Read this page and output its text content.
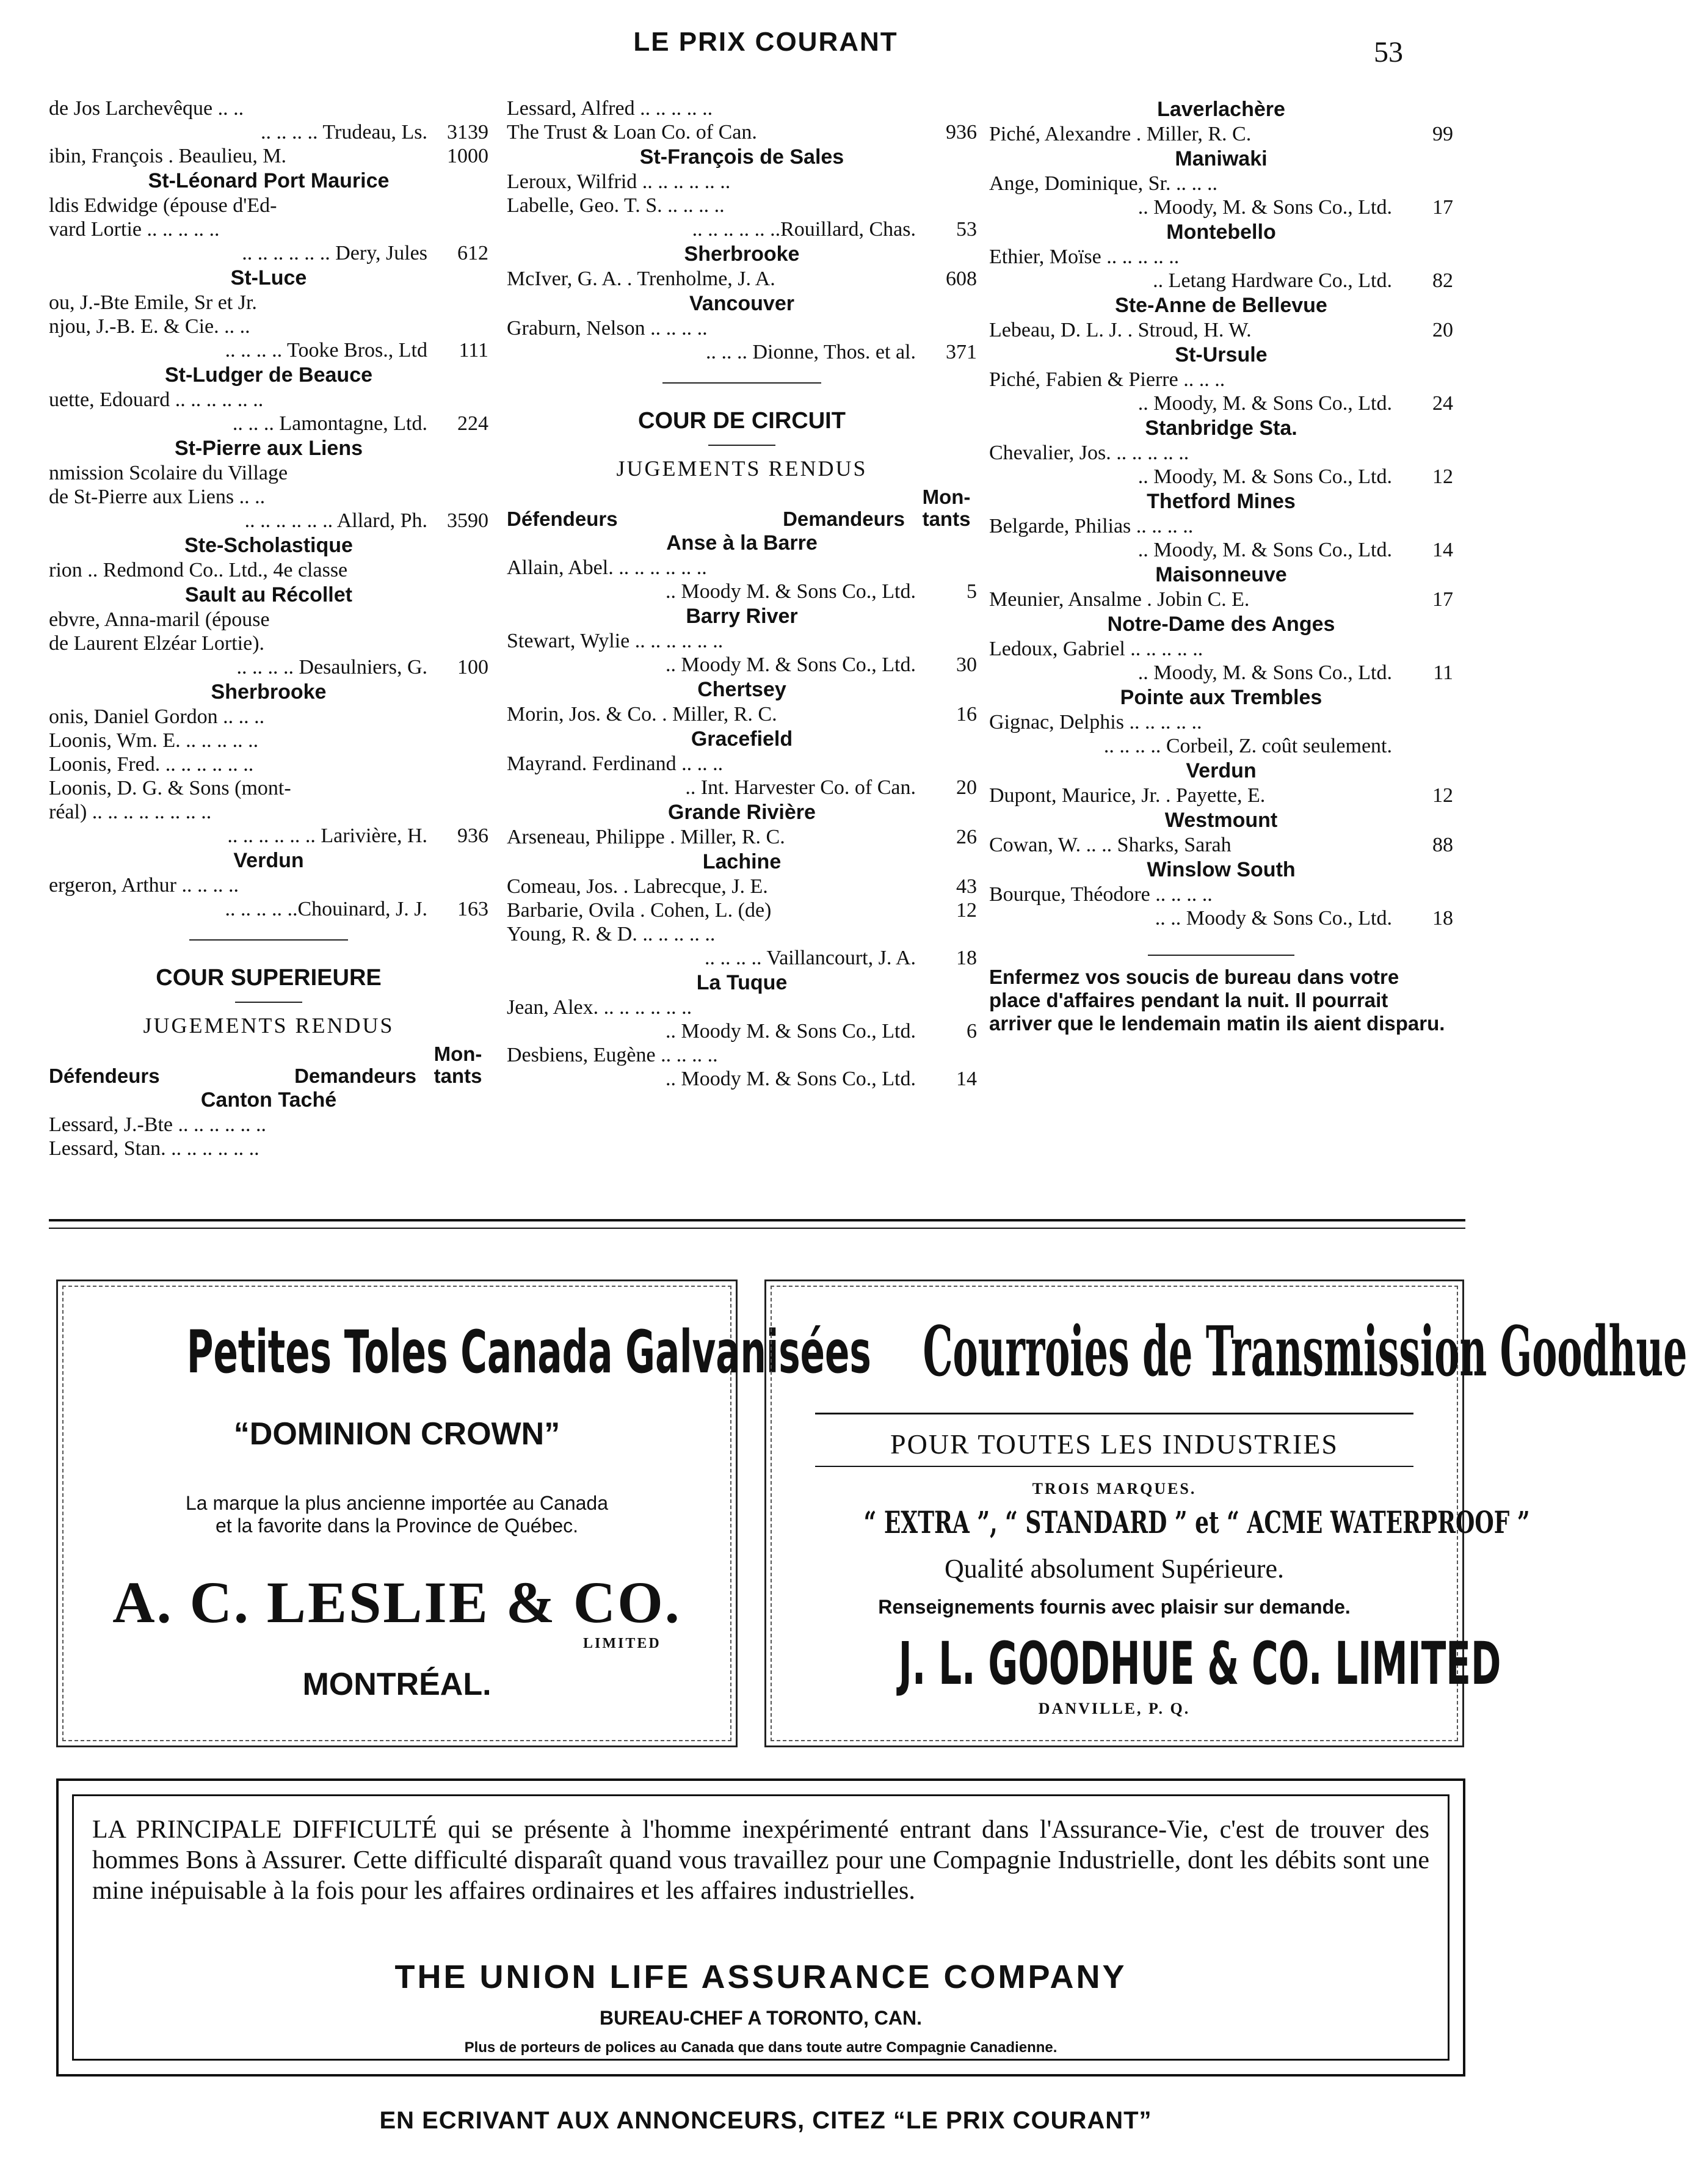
LE PRIX COURANT	53
de Jos Larchevêque .. ..
.. .. .. .. Trudeau, Ls. 3139
ibin, François . Beaulieu, M.	1000
St-Léonard Port Maurice
ldis Edwidge (épouse d'Ed-
vard Lortie .. .. .. .. ..
.. .. .. .. .. .. Dery, Jules	612
St-Luce
ou, J.-Bte Emile, Sr et Jr.
njou, J.-B. E. & Cie. .. ..
.. .. .. .. Tooke Bros., Ltd	111
St-Ludger de Beauce
uette, Edouard .. .. .. .. .. ..
.. .. .. Lamontagne, Ltd.	224
St-Pierre aux Liens
nmission Scolaire du Village
de St-Pierre aux Liens .. ..
.. .. .. .. .. .. Allard, Ph. 3590
Ste-Scholastique
rion .. Redmond Co.. Ltd., 4e classe
Sault au Récollet
ebvre, Anna-maril (épouse
de Laurent Elzéar Lortie).
.. .. .. .. Desaulniers, G.	100
Sherbrooke
onis, Daniel Gordon .. .. ..
Loonis, Wm. E. .. .. .. .. ..
Loonis, Fred. .. .. .. .. .. ..
Loonis, D. G. & Sons (mont-
réal) .. .. .. .. .. .. .. ..
.. .. .. .. .. .. Larivière, H.	936
Verdun
ergeron, Arthur .. .. .. ..
.. .. .. .. ..Chouinard, J. J.	163
COUR SUPERIEURE
JUGEMENTS RENDUS
Défendeurs	Demandeurs
Mon-
tants
Canton Taché
Lessard, J.-Bte .. .. .. .. .. ..
Lessard, Stan. .. .. .. .. .. ..
Lessard, Alfred .. .. .. .. ..
The Trust & Loan Co. of Can.	936
St-François de Sales
Leroux, Wilfrid .. .. .. .. .. ..
Labelle, Geo. T. S. .. .. .. ..
.. .. .. .. .. ..Rouillard, Chas.	53
Sherbrooke
McIver, G. A. . Trenholme, J. A.	608
Vancouver
Graburn, Nelson .. .. .. ..
.. .. .. Dionne, Thos. et al.	371
COUR DE CIRCUIT
JUGEMENTS RENDUS
Défendeurs	Demandeurs
Mon-
tants
Anse à la Barre
Allain, Abel. .. .. .. .. .. ..
.. Moody M. & Sons Co., Ltd.	5
Barry River
Stewart, Wylie .. .. .. .. .. ..
.. Moody M. & Sons Co., Ltd.	30
Chertsey
Morin, Jos. & Co. . Miller, R. C.	16
Gracefield
Mayrand. Ferdinand .. .. ..
.. Int. Harvester Co. of Can.	20
Grande Rivière
Arseneau, Philippe . Miller, R. C.	26
Lachine
Comeau, Jos. . Labrecque, J. E.	43
Barbarie, Ovila . Cohen, L. (de)	12
Young, R. & D. .. .. .. .. ..
.. .. .. .. Vaillancourt, J. A.	18
La Tuque
Jean, Alex. .. .. .. .. .. ..
.. Moody M. & Sons Co., Ltd.	6
Desbiens, Eugène .. .. .. ..
.. Moody M. & Sons Co., Ltd.	14
Laverlachère
Piché, Alexandre . Miller, R. C.	99
Maniwaki
Ange, Dominique, Sr. .. .. ..
.. Moody, M. & Sons Co., Ltd.	17
Montebello
Ethier, Moïse .. .. .. .. ..
.. Letang Hardware Co., Ltd.	82
Ste-Anne de Bellevue
Lebeau, D. L. J. . Stroud, H. W.	20
St-Ursule
Piché, Fabien & Pierre .. .. ..
.. Moody, M. & Sons Co., Ltd.	24
Stanbridge Sta.
Chevalier, Jos. .. .. .. .. ..
.. Moody, M. & Sons Co., Ltd.	12
Thetford Mines
Belgarde, Philias .. .. .. ..
.. Moody, M. & Sons Co., Ltd.	14
Maisonneuve
Meunier, Ansalme . Jobin C. E.	17
Notre-Dame des Anges
Ledoux, Gabriel .. .. .. .. ..
.. Moody, M. & Sons Co., Ltd.	11
Pointe aux Trembles
Gignac, Delphis .. .. .. .. ..
.. .. .. .. Corbeil, Z. coût seulement.
Verdun
Dupont, Maurice, Jr. . Payette, E.	12
Westmount
Cowan, W. .. .. Sharks, Sarah	88
Winslow South
Bourque, Théodore .. .. .. ..
.. .. Moody & Sons Co., Ltd.	18
Enfermez vos soucis de bureau dans votre place d'affaires pendant la nuit. Il pourrait arriver que le lendemain matin ils aient disparu.
Petites Toles Canada Galvanisées
“DOMINION CROWN”
La marque la plus ancienne importée au Canada
et la favorite dans la Province de Québec.
A. C. LESLIE & CO.
LIMITED
MONTRÉAL.
Courroies de Transmission Goodhue
POUR TOUTES LES INDUSTRIES
TROIS MARQUES.
“ EXTRA ”, “ STANDARD ” et “ ACME WATERPROOF ”
Qualité absolument Supérieure.
Renseignements fournis avec plaisir sur demande.
J. L. GOODHUE & CO. LIMITED
DANVILLE, P. Q.
LA PRINCIPALE DIFFICULTÉ qui se présente à l'homme inexpérimenté entrant dans l'Assurance-Vie, c'est de trouver des hommes Bons à Assurer. Cette difficulté disparaît quand vous travaillez pour une Compagnie Industrielle, dont les débits sont une mine inépuisable à la fois pour les affaires ordinaires et les affaires industrielles.
THE UNION LIFE ASSURANCE COMPANY
BUREAU-CHEF A TORONTO, CAN.
Plus de porteurs de polices au Canada que dans toute autre Compagnie Canadienne.
EN ECRIVANT AUX ANNONCEURS, CITEZ “LE PRIX COURANT”
